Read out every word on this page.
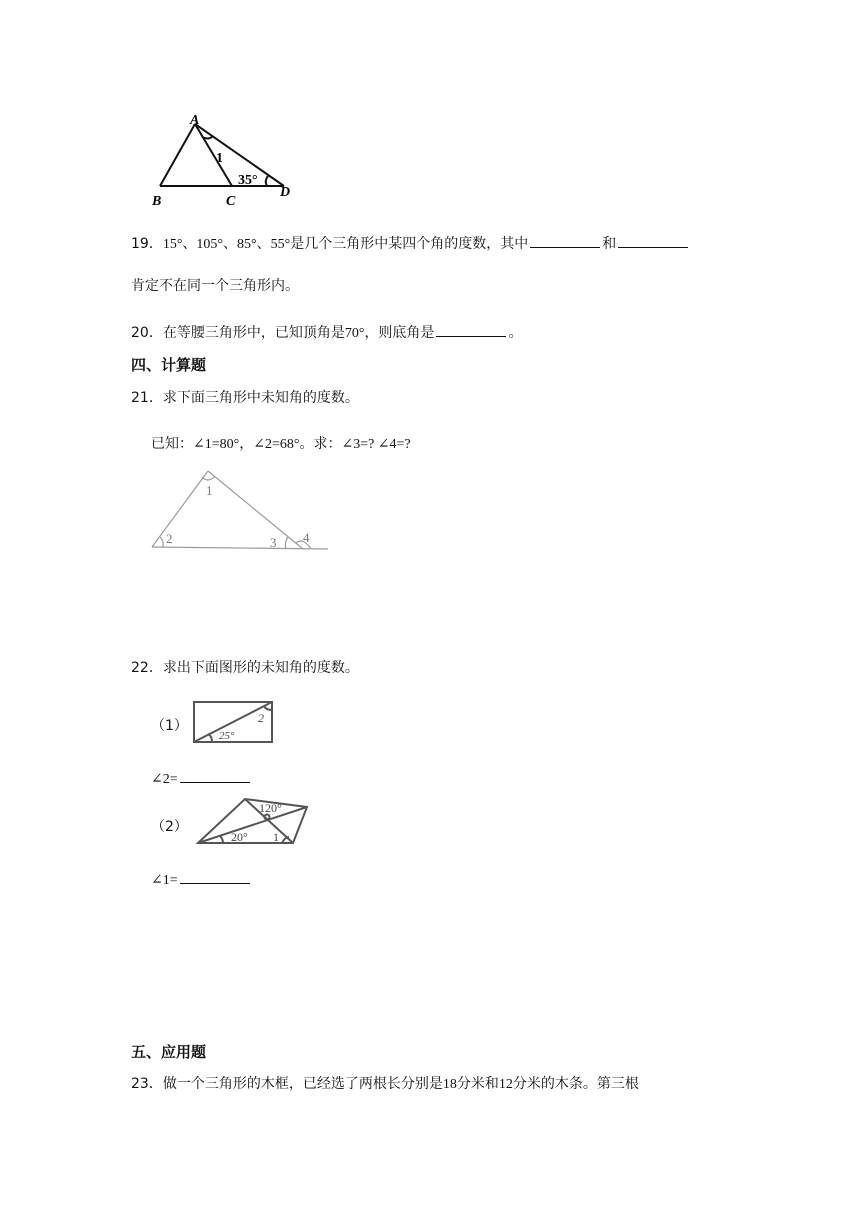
A
B	C
D
1
35°
19．15°、105°、85°、55°是几个三角形中某四个角的度数，其中	和
肯定不在同一个三角形内。
20．在等腰三角形中，已知顶角是70°，则底角是	。
四、计算题
21．求下面三角形中未知角的度数。
已知：∠1=80°，∠2=68°。求：∠3=? ∠4=?
1
2	3 4
22．求出下面图形的未知角的度数。
（1）
25°
2
∠2=
（2）
120°
20° 1
∠1=
五、应用题
23．做一个三角形的木框，已经选了两根长分别是18分米和12分米的木条。第三根
